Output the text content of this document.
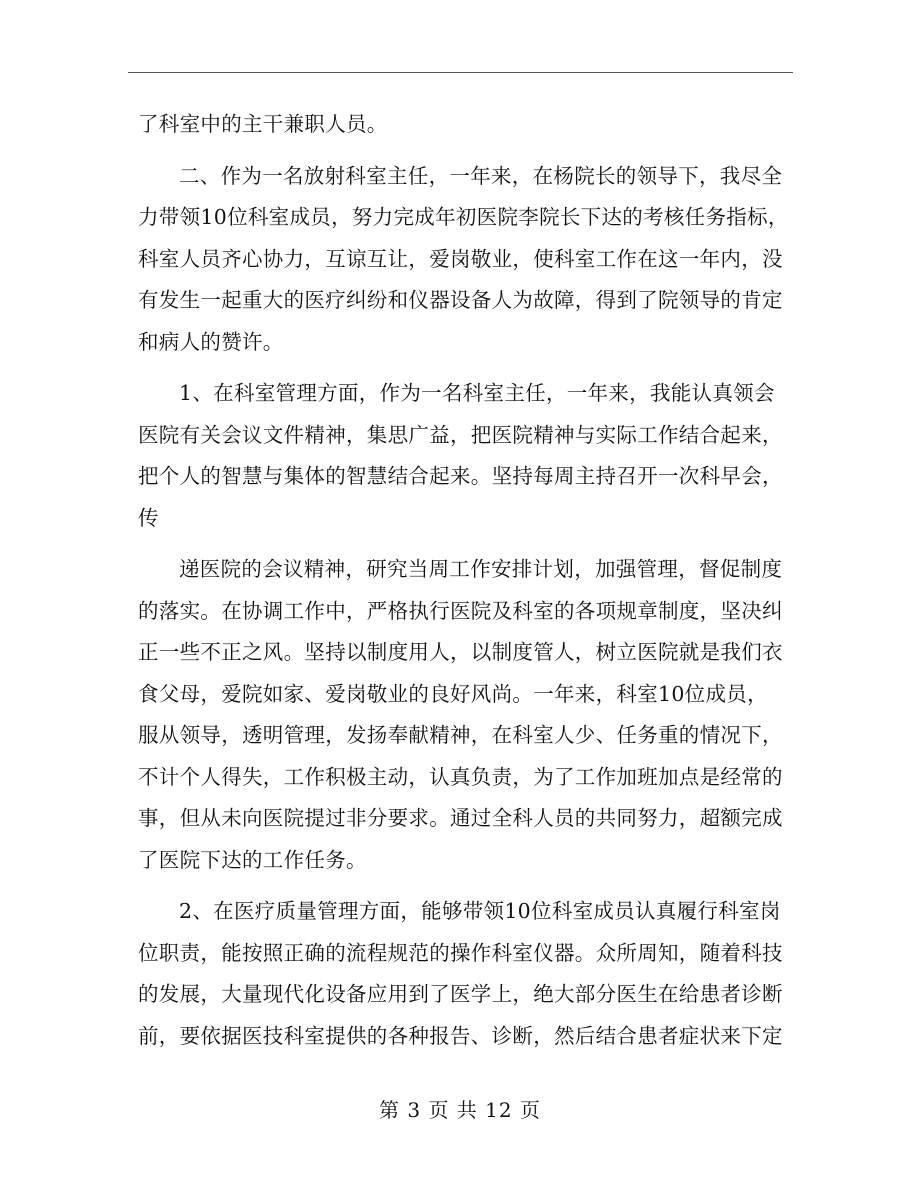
了科室中的主干兼职人员。

二、作为一名放射科室主任，一年来，在杨院长的领导下，我尽全
力带领10位科室成员，努力完成年初医院李院长下达的考核任务指标，
科室人员齐心协力，互谅互让，爱岗敬业，使科室工作在这一年内，没
有发生一起重大的医疗纠纷和仪器设备人为故障，得到了院领导的肯定
和病人的赞许。

1、在科室管理方面，作为一名科室主任，一年来，我能认真领会
医院有关会议文件精神，集思广益，把医院精神与实际工作结合起来，
把个人的智慧与集体的智慧结合起来。坚持每周主持召开一次科早会，
传

递医院的会议精神，研究当周工作安排计划，加强管理，督促制度
的落实。在协调工作中，严格执行医院及科室的各项规章制度，坚决纠
正一些不正之风。坚持以制度用人，以制度管人，树立医院就是我们衣
食父母，爱院如家、爱岗敬业的良好风尚。一年来，科室10位成员，
服从领导，透明管理，发扬奉献精神，在科室人少、任务重的情况下，
不计个人得失，工作积极主动，认真负责，为了工作加班加点是经常的
事，但从未向医院提过非分要求。通过全科人员的共同努力，超额完成
了医院下达的工作任务。

2、在医疗质量管理方面，能够带领10位科室成员认真履行科室岗
位职责，能按照正确的流程规范的操作科室仪器。众所周知，随着科技
的发展，大量现代化设备应用到了医学上，绝大部分医生在给患者诊断
前，要依据医技科室提供的各种报告、诊断，然后结合患者症状来下定

第 3 页 共 12 页
